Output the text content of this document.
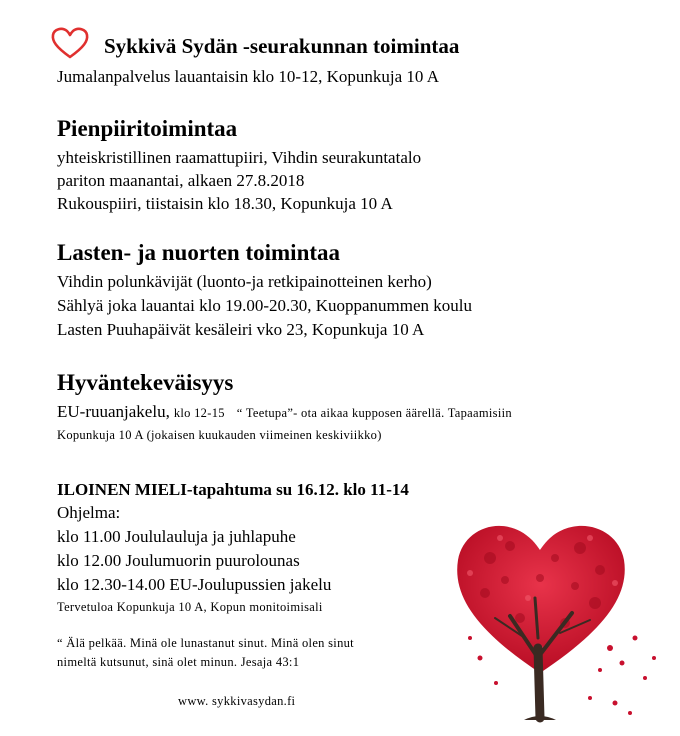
Sykkivä Sydän -seurakunnan toimintaa
Jumalanpalvelus lauantaisin klo 10-12, Kopunkuja 10 A
Pienpiiritoimintaa
yhteiskristillinen raamattupiiri, Vihdin seurakuntatalo
pariton maanantai, alkaen 27.8.2018
Rukouspiiri, tiistaisin klo 18.30, Kopunkuja 10 A
Lasten- ja nuorten toimintaa
Vihdin polunkävijät (luonto-ja retkipainotteinen kerho)
Sählyä joka lauantai klo 19.00-20.30, Kuoppanummen koulu
Lasten Puuhapäivät kesäleiri vko 23, Kopunkuja 10 A
Hyväntekeväisyys
EU-ruuanjakelu, klo 12-15 “ Teetupa”- ota aikaa kupposen äärellä. Tapaamisiin
Kopunkuja 10 A (jokaisen kuukauden viimeinen keskiviikko)
ILOINEN MIELI-tapahtuma su 16.12. klo 11-14
Ohjelma:
klo 11.00 Joululauluja ja juhlapuhe
klo 12.00 Joulumuorin puurolounas
klo 12.30-14.00 EU-Joulupussien jakelu
Tervetuloa Kopunkuja 10 A, Kopun monitoimisali
“ Älä pelkää. Minä ole lunastanut sinut. Minä olen sinut
nimeltä kutsunut, sinä olet minun. Jesaja 43:1
www. sykkivasydan.fi
